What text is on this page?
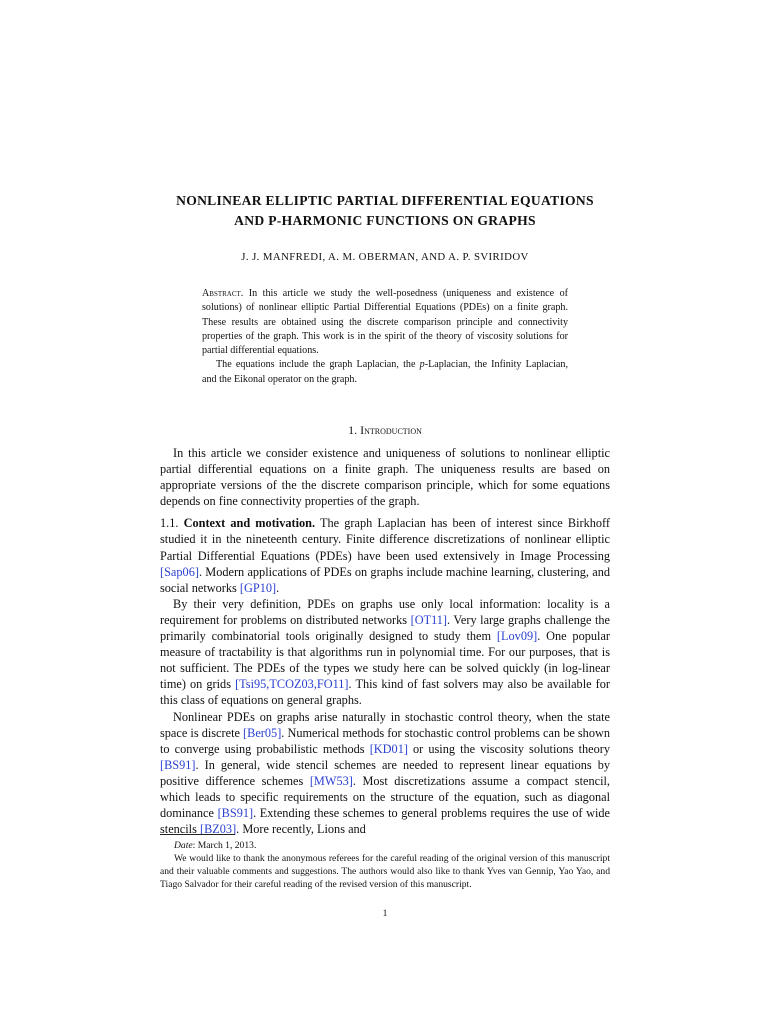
NONLINEAR ELLIPTIC PARTIAL DIFFERENTIAL EQUATIONS
AND P-HARMONIC FUNCTIONS ON GRAPHS
J. J. MANFREDI, A. M. OBERMAN, AND A. P. SVIRIDOV

Abstract. In this article we study the well-posedness (uniqueness and existence of solutions) of nonlinear elliptic Partial Differential Equations (PDEs) on a finite graph. These results are obtained using the discrete comparison principle and connectivity properties of the graph. This work is in the spirit of the theory of viscosity solutions for partial differential equations.

The equations include the graph Laplacian, the p-Laplacian, the Infinity Laplacian, and the Eikonal operator on the graph.

1. Introduction

In this article we consider existence and uniqueness of solutions to nonlinear elliptic partial differential equations on a finite graph. The uniqueness results are based on appropriate versions of the the discrete comparison principle, which for some equations depends on fine connectivity properties of the graph.

1.1. Context and motivation. The graph Laplacian has been of interest since Birkhoff studied it in the nineteenth century. Finite difference discretizations of nonlinear elliptic Partial Differential Equations (PDEs) have been used extensively in Image Processing [Sap06]. Modern applications of PDEs on graphs include machine learning, clustering, and social networks [GP10].

By their very definition, PDEs on graphs use only local information: locality is a requirement for problems on distributed networks [OT11]. Very large graphs challenge the primarily combinatorial tools originally designed to study them [Lov09]. One popular measure of tractability is that algorithms run in polynomial time. For our purposes, that is not sufficient. The PDEs of the types we study here can be solved quickly (in log-linear time) on grids [Tsi95,TCOZ03,FO11]. This kind of fast solvers may also be available for this class of equations on general graphs.

Nonlinear PDEs on graphs arise naturally in stochastic control theory, when the state space is discrete [Ber05]. Numerical methods for stochastic control problems can be shown to converge using probabilistic methods [KD01] or using the viscosity solutions theory [BS91]. In general, wide stencil schemes are needed to represent linear equations by positive difference schemes [MW53]. Most discretizations assume a compact stencil, which leads to specific requirements on the structure of the equation, such as diagonal dominance [BS91]. Extending these schemes to general problems requires the use of wide stencils [BZ03]. More recently, Lions and

Date: March 1, 2013.

We would like to thank the anonymous referees for the careful reading of the original version of this manuscript and their valuable comments and suggestions. The authors would also like to thank Yves van Gennip, Yao Yao, and Tiago Salvador for their careful reading of the revised version of this manuscript.

1
